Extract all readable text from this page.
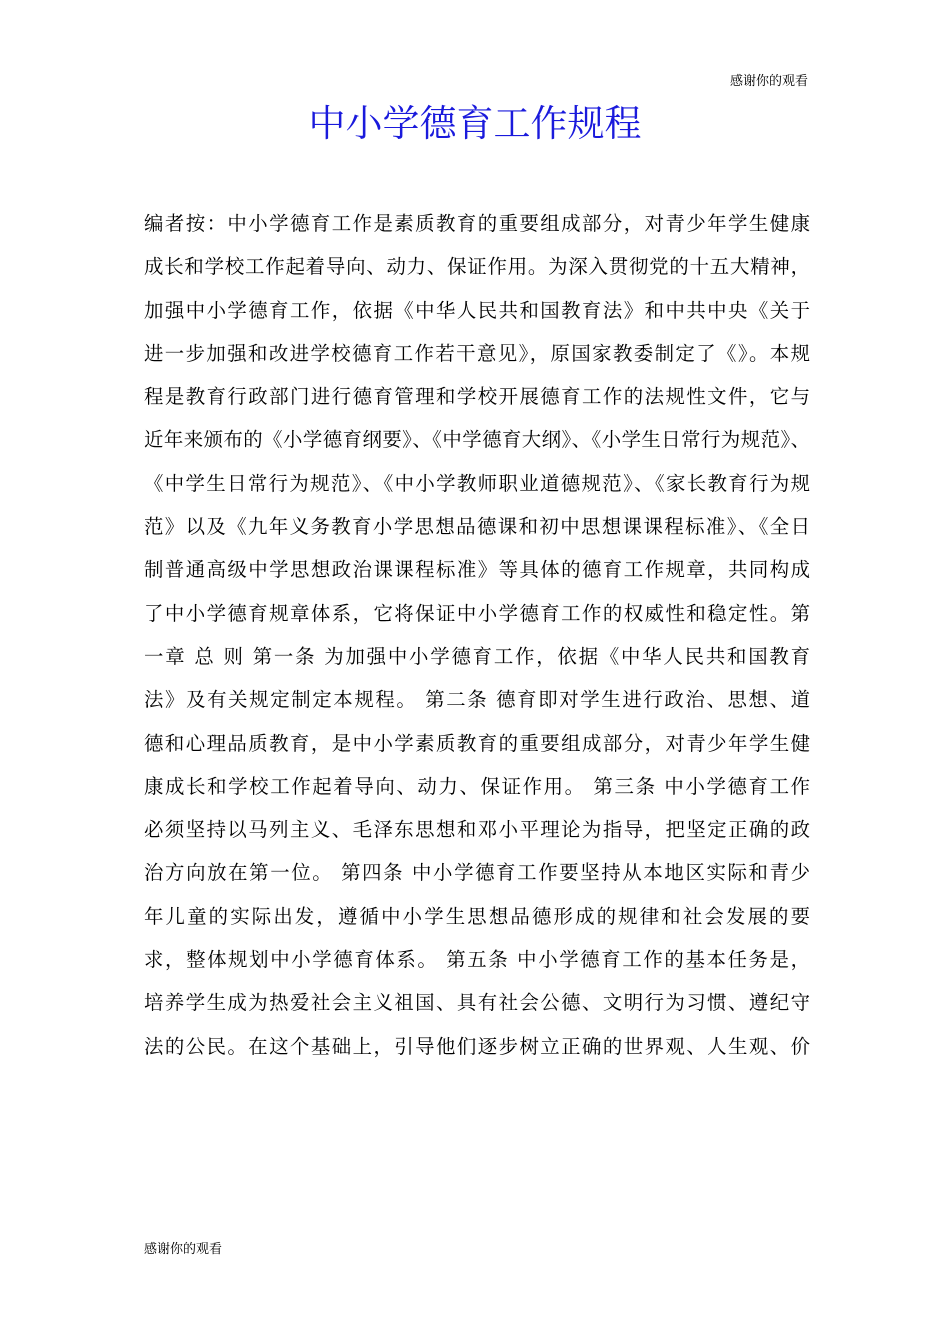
感谢你的观看
中小学德育工作规程
编者按：中小学德育工作是素质教育的重要组成部分，对青少年学生健康
成长和学校工作起着导向、动力、保证作用。为深入贯彻党的十五大精神，
加强中小学德育工作，依据《中华人民共和国教育法》和中共中央《关于
进一步加强和改进学校德育工作若干意见》，原国家教委制定了《》。本规
程是教育行政部门进行德育管理和学校开展德育工作的法规性文件，它与
近年来颁布的《小学德育纲要》、《中学德育大纲》、《小学生日常行为规范》、
《中学生日常行为规范》、《中小学教师职业道德规范》、《家长教育行为规
范》以及《九年义务教育小学思想品德课和初中思想课课程标准》、《全日
制普通高级中学思想政治课课程标准》等具体的德育工作规章，共同构成
了中小学德育规章体系，它将保证中小学德育工作的权威性和稳定性。第
一章 总 则 第一条 为加强中小学德育工作，依据《中华人民共和国教育
法》及有关规定制定本规程。 第二条 德育即对学生进行政治、思想、道
德和心理品质教育，是中小学素质教育的重要组成部分，对青少年学生健
康成长和学校工作起着导向、动力、保证作用。 第三条 中小学德育工作
必须坚持以马列主义、毛泽东思想和邓小平理论为指导，把坚定正确的政
治方向放在第一位。 第四条 中小学德育工作要坚持从本地区实际和青少
年儿童的实际出发，遵循中小学生思想品德形成的规律和社会发展的要
求，整体规划中小学德育体系。 第五条 中小学德育工作的基本任务是，
培养学生成为热爱社会主义祖国、具有社会公德、文明行为习惯、遵纪守
法的公民。在这个基础上，引导他们逐步树立正确的世界观、人生观、价
感谢你的观看
